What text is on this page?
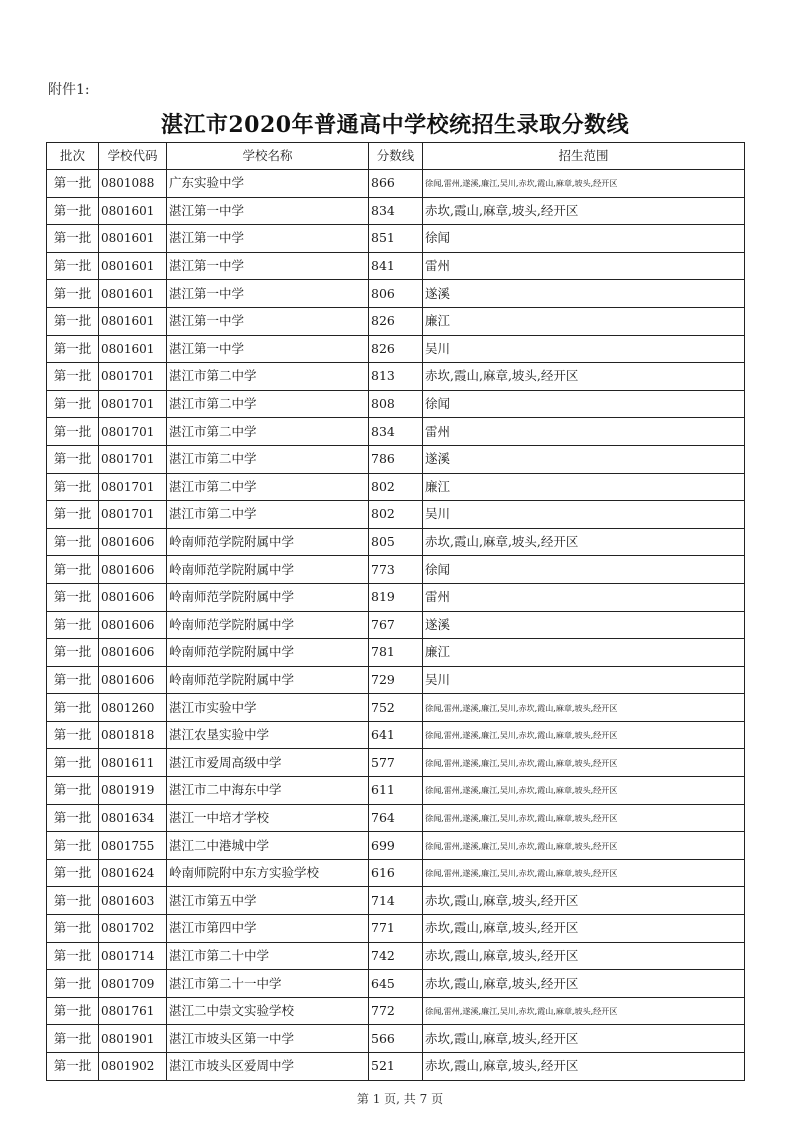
附件1:
湛江市2020年普通高中学校统招生录取分数线
批次	学校代码	学校名称	分数线	招生范围
第一批	0801088	广东实验中学	866	徐闻,雷州,遂溪,廉江,吴川,赤坎,霞山,麻章,坡头,经开区
第一批	0801601	湛江第一中学	834	赤坎,霞山,麻章,坡头,经开区
第一批	0801601	湛江第一中学	851	徐闻
第一批	0801601	湛江第一中学	841	雷州
第一批	0801601	湛江第一中学	806	遂溪
第一批	0801601	湛江第一中学	826	廉江
第一批	0801601	湛江第一中学	826	吴川
第一批	0801701	湛江市第二中学	813	赤坎,霞山,麻章,坡头,经开区
第一批	0801701	湛江市第二中学	808	徐闻
第一批	0801701	湛江市第二中学	834	雷州
第一批	0801701	湛江市第二中学	786	遂溪
第一批	0801701	湛江市第二中学	802	廉江
第一批	0801701	湛江市第二中学	802	吴川
第一批	0801606	岭南师范学院附属中学	805	赤坎,霞山,麻章,坡头,经开区
第一批	0801606	岭南师范学院附属中学	773	徐闻
第一批	0801606	岭南师范学院附属中学	819	雷州
第一批	0801606	岭南师范学院附属中学	767	遂溪
第一批	0801606	岭南师范学院附属中学	781	廉江
第一批	0801606	岭南师范学院附属中学	729	吴川
第一批	0801260	湛江市实验中学	752	徐闻,雷州,遂溪,廉江,吴川,赤坎,霞山,麻章,坡头,经开区
第一批	0801818	湛江农垦实验中学	641	徐闻,雷州,遂溪,廉江,吴川,赤坎,霞山,麻章,坡头,经开区
第一批	0801611	湛江市爱周高级中学	577	徐闻,雷州,遂溪,廉江,吴川,赤坎,霞山,麻章,坡头,经开区
第一批	0801919	湛江市二中海东中学	611	徐闻,雷州,遂溪,廉江,吴川,赤坎,霞山,麻章,坡头,经开区
第一批	0801634	湛江一中培才学校	764	徐闻,雷州,遂溪,廉江,吴川,赤坎,霞山,麻章,坡头,经开区
第一批	0801755	湛江二中港城中学	699	徐闻,雷州,遂溪,廉江,吴川,赤坎,霞山,麻章,坡头,经开区
第一批	0801624	岭南师院附中东方实验学校	616	徐闻,雷州,遂溪,廉江,吴川,赤坎,霞山,麻章,坡头,经开区
第一批	0801603	湛江市第五中学	714	赤坎,霞山,麻章,坡头,经开区
第一批	0801702	湛江市第四中学	771	赤坎,霞山,麻章,坡头,经开区
第一批	0801714	湛江市第二十中学	742	赤坎,霞山,麻章,坡头,经开区
第一批	0801709	湛江市第二十一中学	645	赤坎,霞山,麻章,坡头,经开区
第一批	0801761	湛江二中崇文实验学校	772	徐闻,雷州,遂溪,廉江,吴川,赤坎,霞山,麻章,坡头,经开区
第一批	0801901	湛江市坡头区第一中学	566	赤坎,霞山,麻章,坡头,经开区
第一批	0801902	湛江市坡头区爱周中学	521	赤坎,霞山,麻章,坡头,经开区
第 1 页, 共 7 页
